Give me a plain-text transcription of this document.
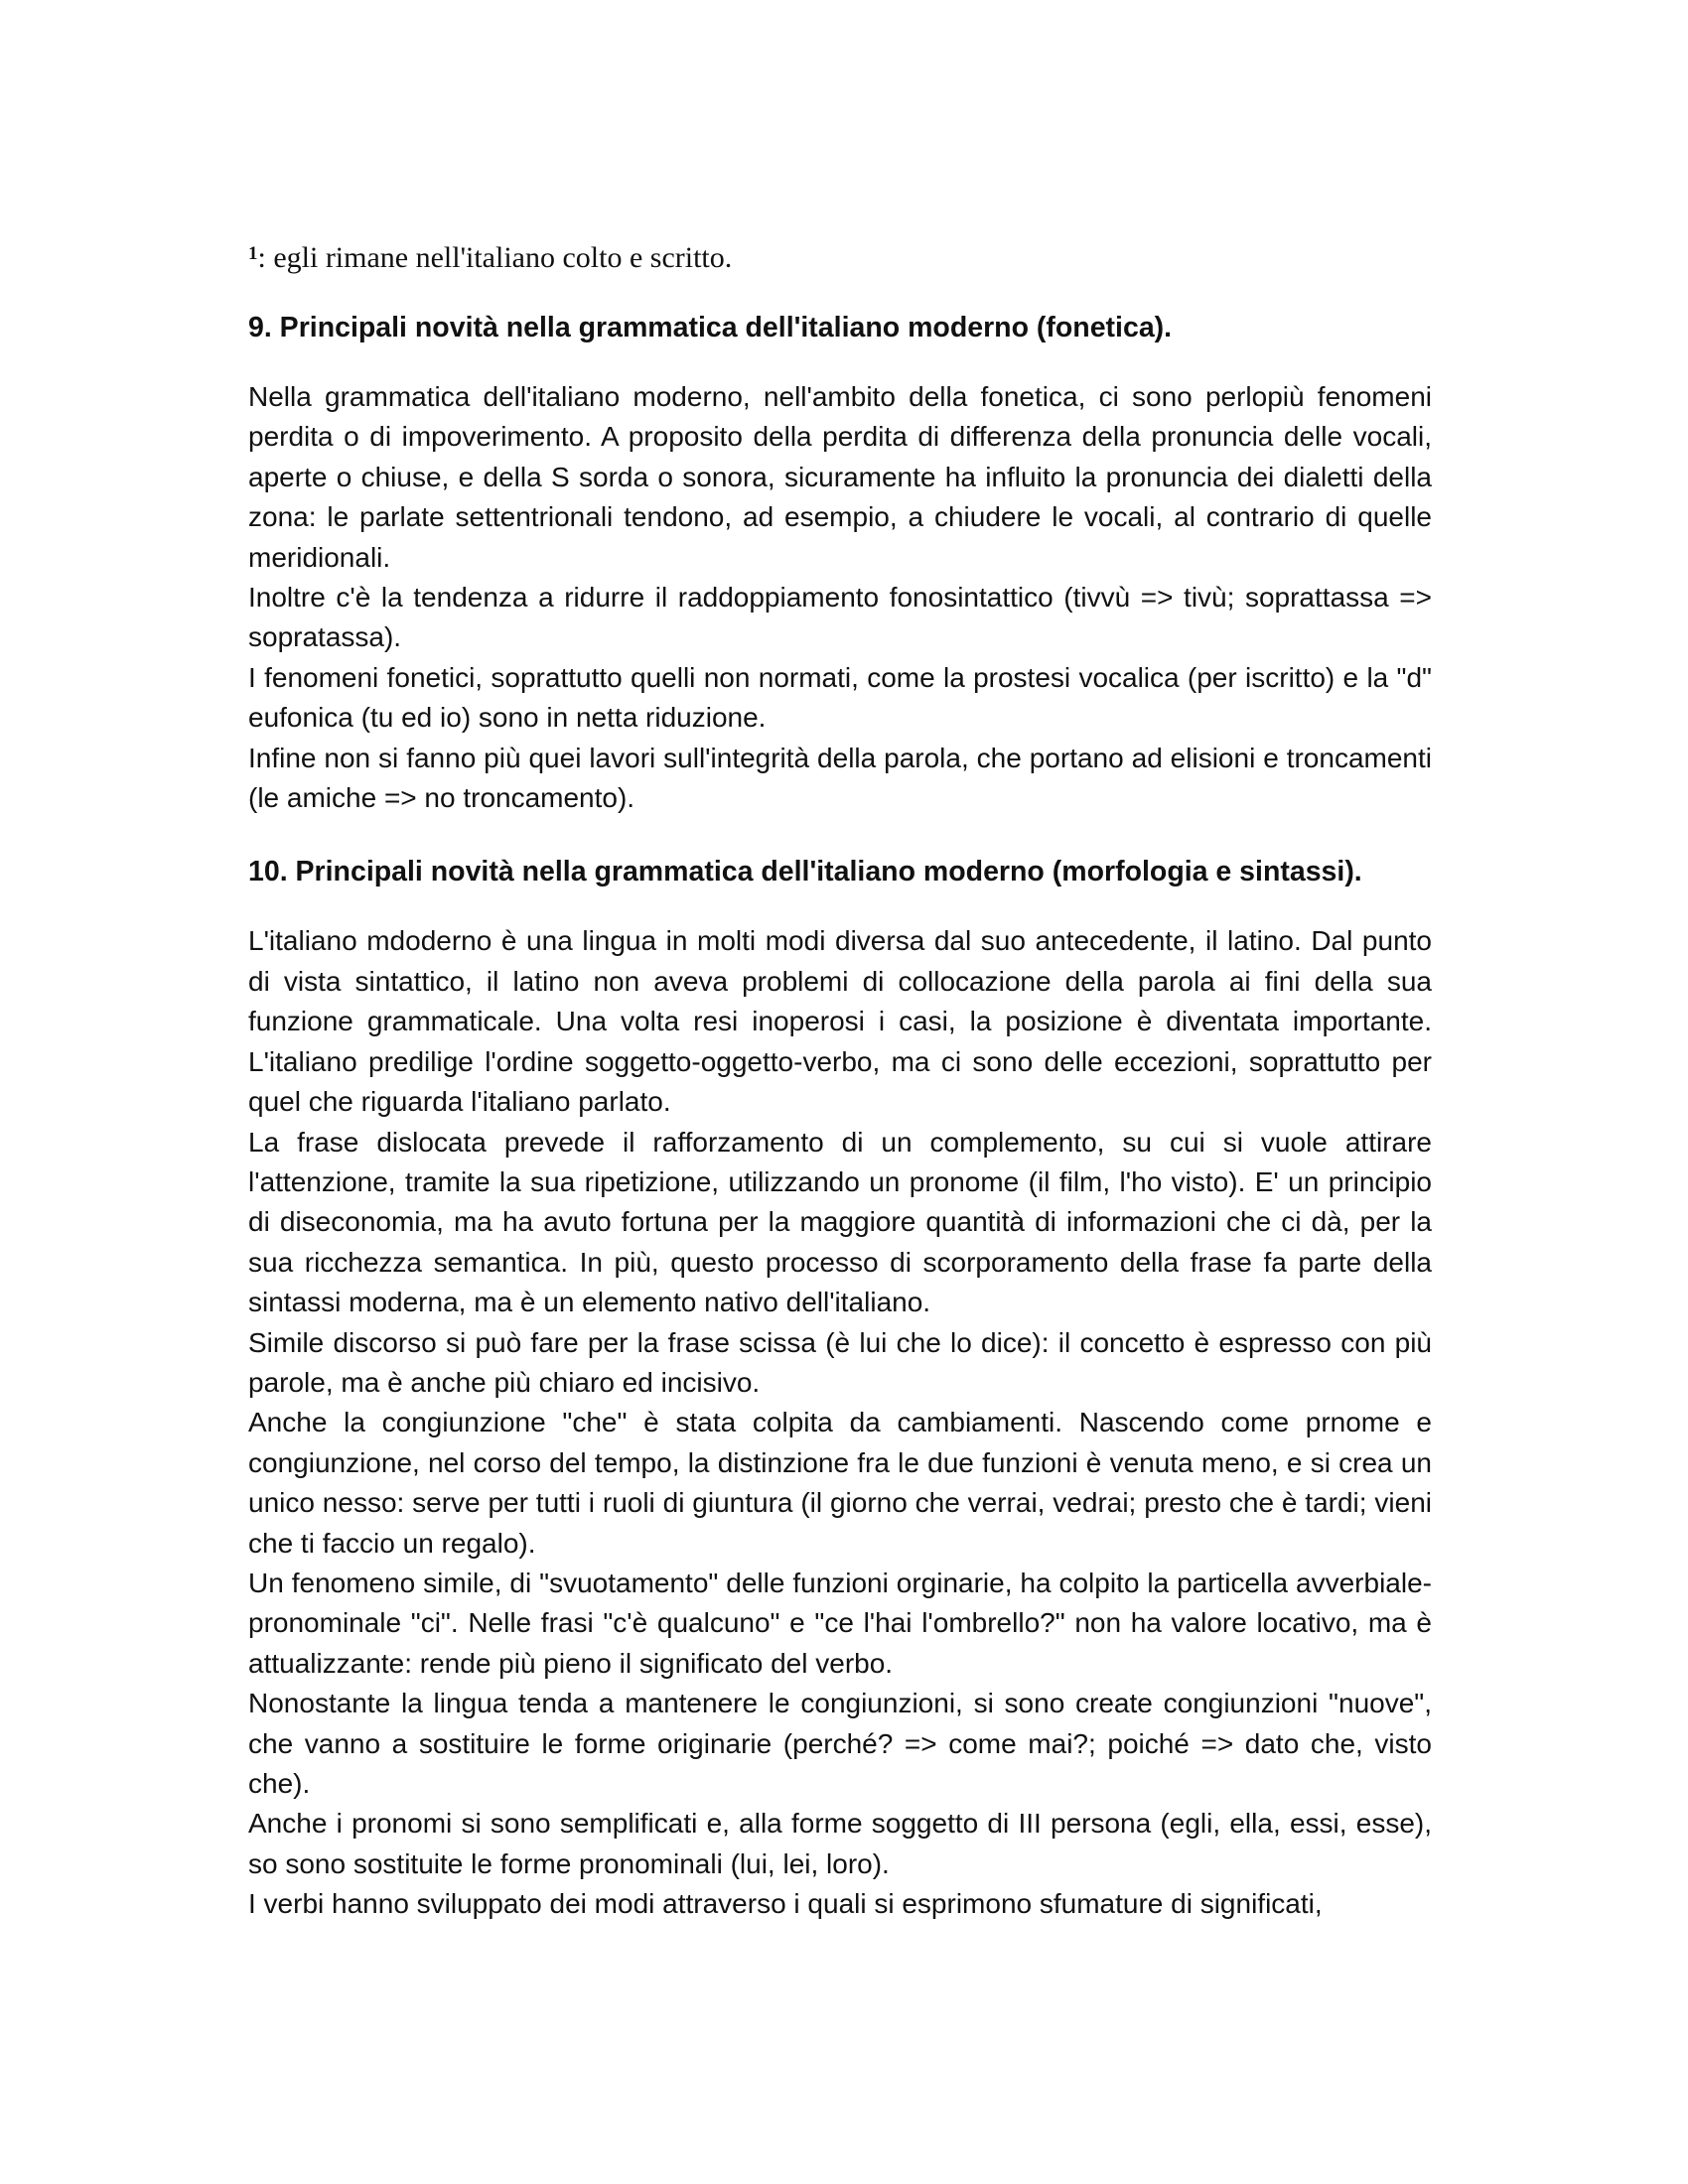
$^1$: egli rimane nell'italiano colto e scritto.

9. Principali novità nella grammatica dell'italiano moderno (fonetica).

Nella grammatica dell'italiano moderno, nell'ambito della fonetica, ci sono perlopiù fenomeni perdita o di impoverimento. A proposito della perdita di differenza della pronuncia delle vocali, aperte o chiuse, e della S sorda o sonora, sicuramente ha influito la pronuncia dei dialetti della zona: le parlate settentrionali tendono, ad esempio, a chiudere le vocali, al contrario di quelle meridionali.

Inoltre c'è la tendenza a ridurre il raddoppiamento fonosintattico (tivvù => tivù; soprattassa => sopratassa).

I fenomeni fonetici, soprattutto quelli non normati, come la prostesi vocalica (per iscritto) e la "d" eufonica (tu ed io) sono in netta riduzione.

Infine non si fanno più quei lavori sull'integrità della parola, che portano ad elisioni e troncamenti (le amiche => no troncamento).

10. Principali novità nella grammatica dell'italiano moderno (morfologia e sintassi).

L'italiano mdoderno è una lingua in molti modi diversa dal suo antecedente, il latino. Dal punto di vista sintattico, il latino non aveva problemi di collocazione della parola ai fini della sua funzione grammaticale. Una volta resi inoperosi i casi, la posizione è diventata importante. L'italiano predilige l'ordine soggetto-oggetto-verbo, ma ci sono delle eccezioni, soprattutto per quel che riguarda l'italiano parlato.

La frase dislocata prevede il rafforzamento di un complemento, su cui si vuole attirare l'attenzione, tramite la sua ripetizione, utilizzando un pronome (il film, l'ho visto). E' un principio di diseconomia, ma ha avuto fortuna per la maggiore quantità di informazioni che ci dà, per la sua ricchezza semantica. In più, questo processo di scorporamento della frase fa parte della sintassi moderna, ma è un elemento nativo dell'italiano.

Simile discorso si può fare per la frase scissa (è lui che lo dice): il concetto è espresso con più parole, ma è anche più chiaro ed incisivo.

Anche la congiunzione "che" è stata colpita da cambiamenti. Nascendo come prnome e congiunzione, nel corso del tempo, la distinzione fra le due funzioni è venuta meno, e si crea un unico nesso: serve per tutti i ruoli di giuntura (il giorno che verrai, vedrai; presto che è tardi; vieni che ti faccio un regalo).

Un fenomeno simile, di "svuotamento" delle funzioni orginarie, ha colpito la particella avverbiale-pronominale "ci". Nelle frasi "c'è qualcuno" e "ce l'hai l'ombrello?" non ha valore locativo, ma è attualizzante: rende più pieno il significato del verbo.

Nonostante la lingua tenda a mantenere le congiunzioni, si sono create congiunzioni "nuove", che vanno a sostituire le forme originarie (perché? => come mai?; poiché => dato che, visto che).

Anche i pronomi si sono semplificati e, alla forme soggetto di III persona (egli, ella, essi, esse), so sono sostituite le forme pronominali (lui, lei, loro).

I verbi hanno sviluppato dei modi attraverso i quali si esprimono sfumature di significati,
